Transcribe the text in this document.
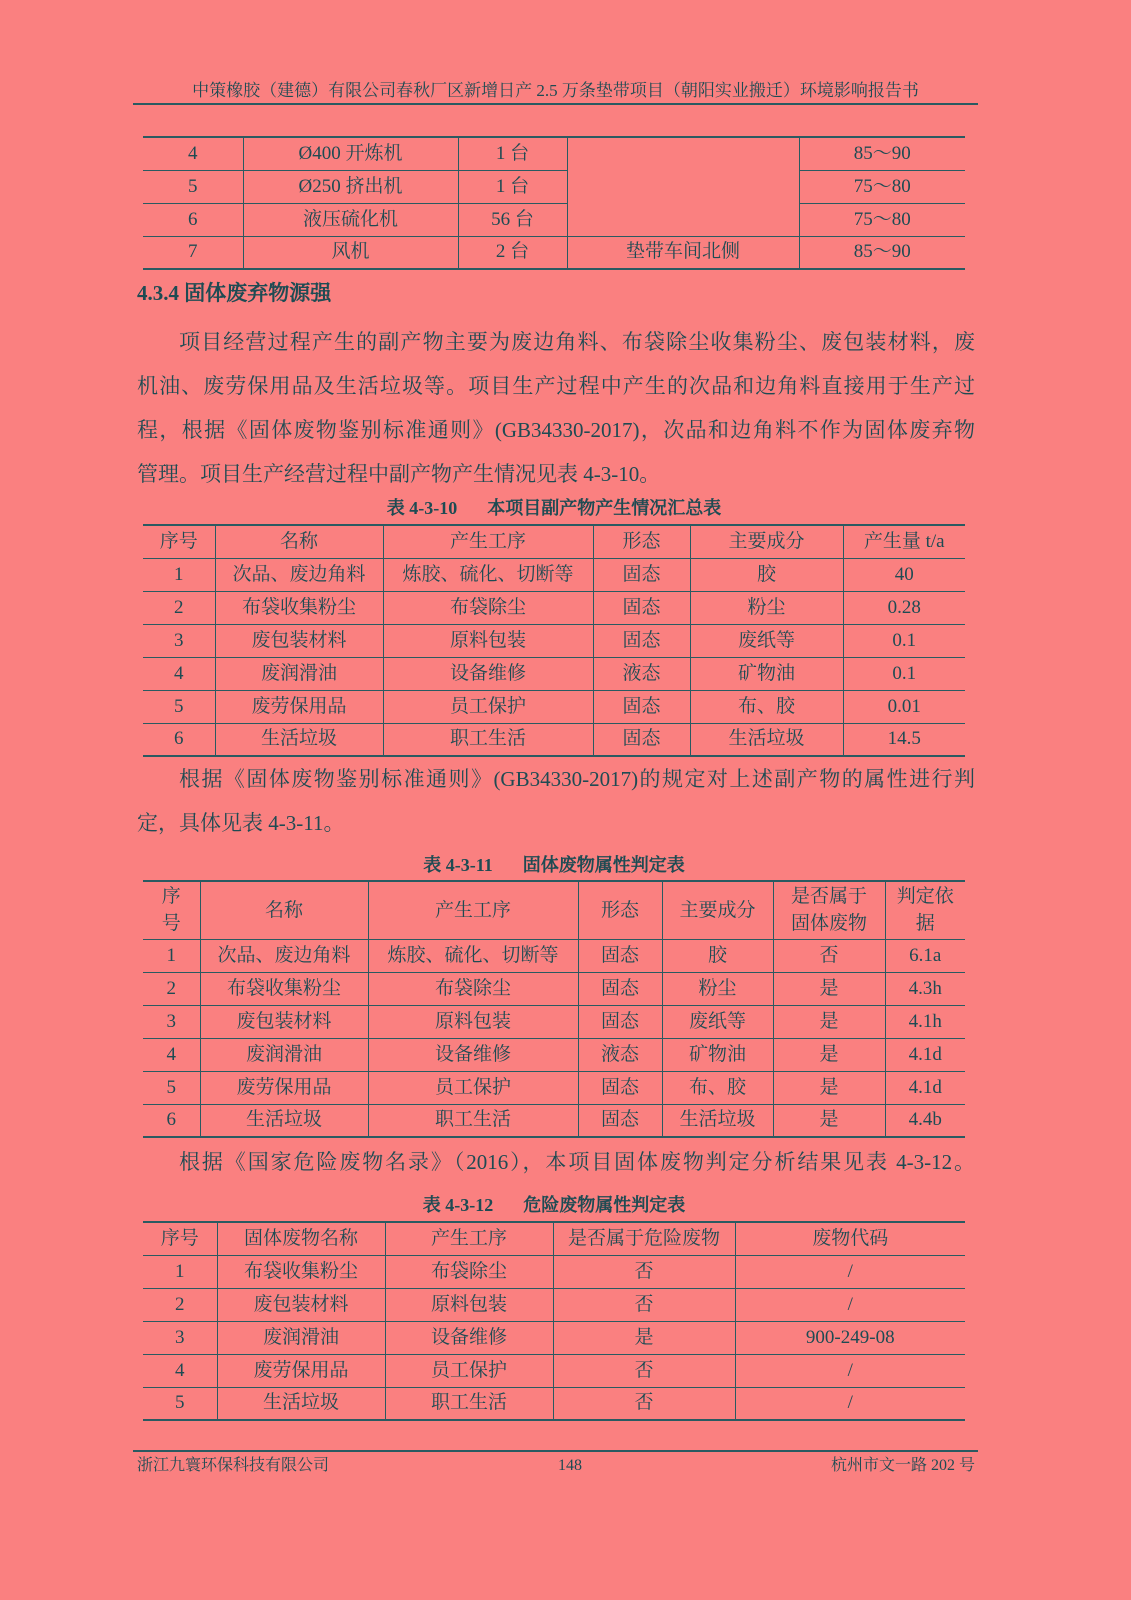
中策橡胶（建德）有限公司春秋厂区新增日产 2.5 万条垫带项目（朝阳实业搬迁）环境影响报告书
4	Ø400 开炼机	1 台		85～90
5	Ø250 挤出机	1 台		75～80
6	液压硫化机	56 台		75～80
7	风机	2 台	垫带车间北侧	85～90
4.3.4 固体废弃物源强
项目经营过程产生的副产物主要为废边角料、布袋除尘收集粉尘、废包装材料，废
机油、废劳保用品及生活垃圾等。项目生产过程中产生的次品和边角料直接用于生产过
程，根据《固体废物鉴别标准通则》(GB34330-2017)，次品和边角料不作为固体废弃物
管理。项目生产经营过程中副产物产生情况见表 4-3-10。
表 4-3-10 本项目副产物产生情况汇总表
序号	名称	产生工序	形态	主要成分	产生量 t/a
1	次品、废边角料	炼胶、硫化、切断等	固态	胶	40
2	布袋收集粉尘	布袋除尘	固态	粉尘	0.28
3	废包装材料	原料包装	固态	废纸等	0.1
4	废润滑油	设备维修	液态	矿物油	0.1
5	废劳保用品	员工保护	固态	布、胶	0.01
6	生活垃圾	职工生活	固态	生活垃圾	14.5
根据《固体废物鉴别标准通则》(GB34330-2017)的规定对上述副产物的属性进行判
定，具体见表 4-3-11。
表 4-3-11 固体废物属性判定表
序号	名称	产生工序	形态	主要成分	是否属于固体废物	判定依据
1	次品、废边角料	炼胶、硫化、切断等	固态	胶	否	6.1a
2	布袋收集粉尘	布袋除尘	固态	粉尘	是	4.3h
3	废包装材料	原料包装	固态	废纸等	是	4.1h
4	废润滑油	设备维修	液态	矿物油	是	4.1d
5	废劳保用品	员工保护	固态	布、胶	是	4.1d
6	生活垃圾	职工生活	固态	生活垃圾	是	4.4b
根据《国家危险废物名录》（2016），本项目固体废物判定分析结果见表 4-3-12。
表 4-3-12 危险废物属性判定表
序号	固体废物名称	产生工序	是否属于危险废物	废物代码
1	布袋收集粉尘	布袋除尘	否	/
2	废包装材料	原料包装	否	/
3	废润滑油	设备维修	是	900-249-08
4	废劳保用品	员工保护	否	/
5	生活垃圾	职工生活	否	/
浙江九寰环保科技有限公司	148	杭州市文一路 202 号
